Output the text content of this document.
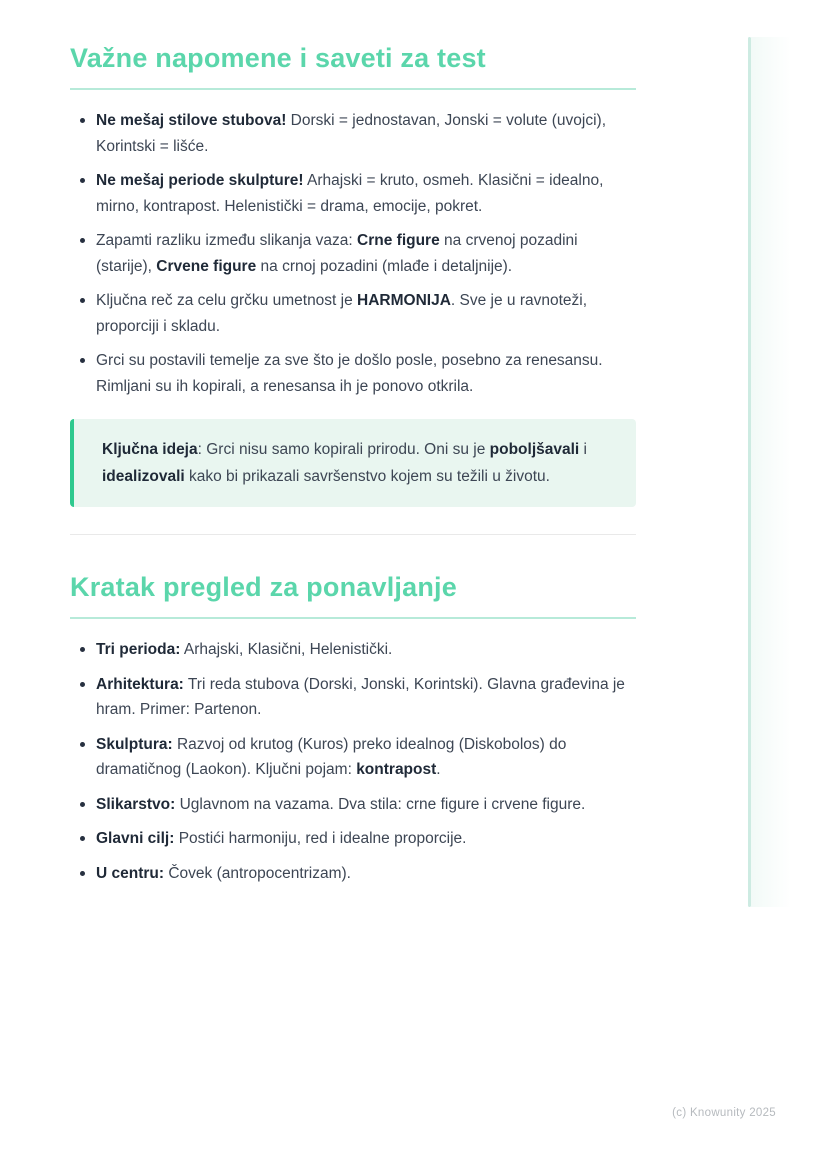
Važne napomene i saveti za test
Ne mešaj stilove stubova! Dorski = jednostavan, Jonski = volute (uvojci), Korintski = lišće.
Ne mešaj periode skulpture! Arhajski = kruto, osmeh. Klasični = idealno, mirno, kontrapost. Helenistički = drama, emocije, pokret.
Zapamti razliku između slikanja vaza: Crne figure na crvenoj pozadini (starije), Crvene figure na crnoj pozadini (mlađe i detaljnije).
Ključna reč za celu grčku umetnost je HARMONIJA. Sve je u ravnoteži, proporciji i skladu.
Grci su postavili temelje za sve što je došlo posle, posebno za renesansu. Rimljani su ih kopirali, a renesansa ih je ponovo otkrila.
Ključna ideja: Grci nisu samo kopirali prirodu. Oni su je poboljšavali i idealizovali kako bi prikazali savršenstvo kojem su težili u životu.
Kratak pregled za ponavljanje
Tri perioda: Arhajski, Klasični, Helenistički.
Arhitektura: Tri reda stubova (Dorski, Jonski, Korintski). Glavna građevina je hram. Primer: Partenon.
Skulptura: Razvoj od krutog (Kuros) preko idealnog (Diskobolos) do dramatičnog (Laokon). Ključni pojam: kontrapost.
Slikarstvo: Uglavnom na vazama. Dva stila: crne figure i crvene figure.
Glavni cilj: Postići harmoniju, red i idealne proporcije.
U centru: Čovek (antropocentrizam).
(c) Knowunity 2025
